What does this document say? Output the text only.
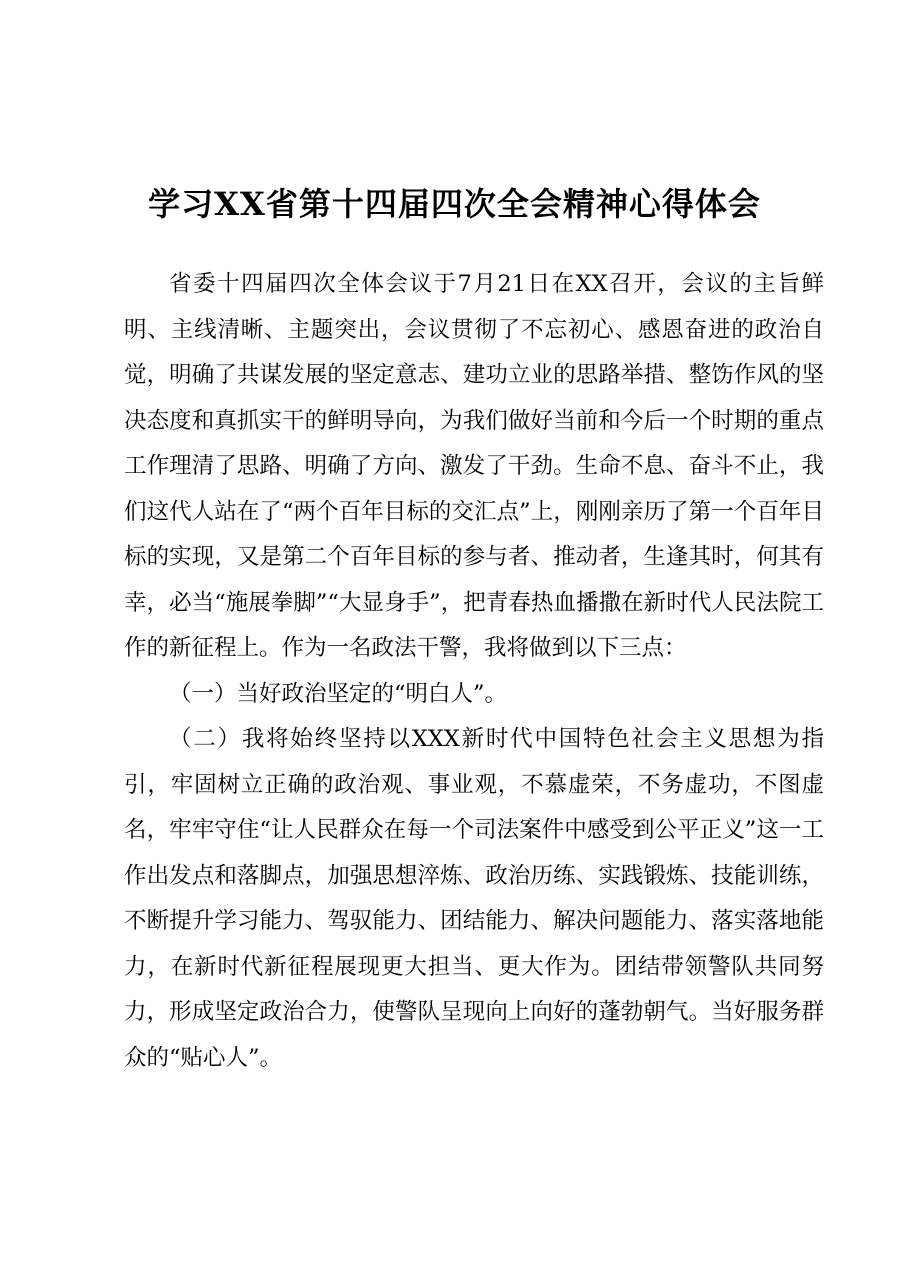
学习XX省第十四届四次全会精神心得体会

省委十四届四次全体会议于7月21日在XX召开，会议的主旨鲜明、主线清晰、主题突出，会议贯彻了不忘初心、感恩奋进的政治自觉，明确了共谋发展的坚定意志、建功立业的思路举措、整饬作风的坚决态度和真抓实干的鲜明导向，为我们做好当前和今后一个时期的重点工作理清了思路、明确了方向、激发了干劲。生命不息、奋斗不止，我们这代人站在了“两个百年目标的交汇点”上，刚刚亲历了第一个百年目标的实现，又是第二个百年目标的参与者、推动者，生逢其时，何其有幸，必当“施展拳脚”“大显身手”，把青春热血播撒在新时代人民法院工作的新征程上。作为一名政法干警，我将做到以下三点：

（一）当好政治坚定的“明白人”。

（二）我将始终坚持以XXX新时代中国特色社会主义思想为指引，牢固树立正确的政治观、事业观，不慕虚荣，不务虚功，不图虚名，牢牢守住“让人民群众在每一个司法案件中感受到公平正义”这一工作出发点和落脚点，加强思想淬炼、政治历练、实践锻炼、技能训练，不断提升学习能力、驾驭能力、团结能力、解决问题能力、落实落地能力，在新时代新征程展现更大担当、更大作为。团结带领警队共同努力，形成坚定政治合力，使警队呈现向上向好的蓬勃朝气。当好服务群众的“贴心人”。
